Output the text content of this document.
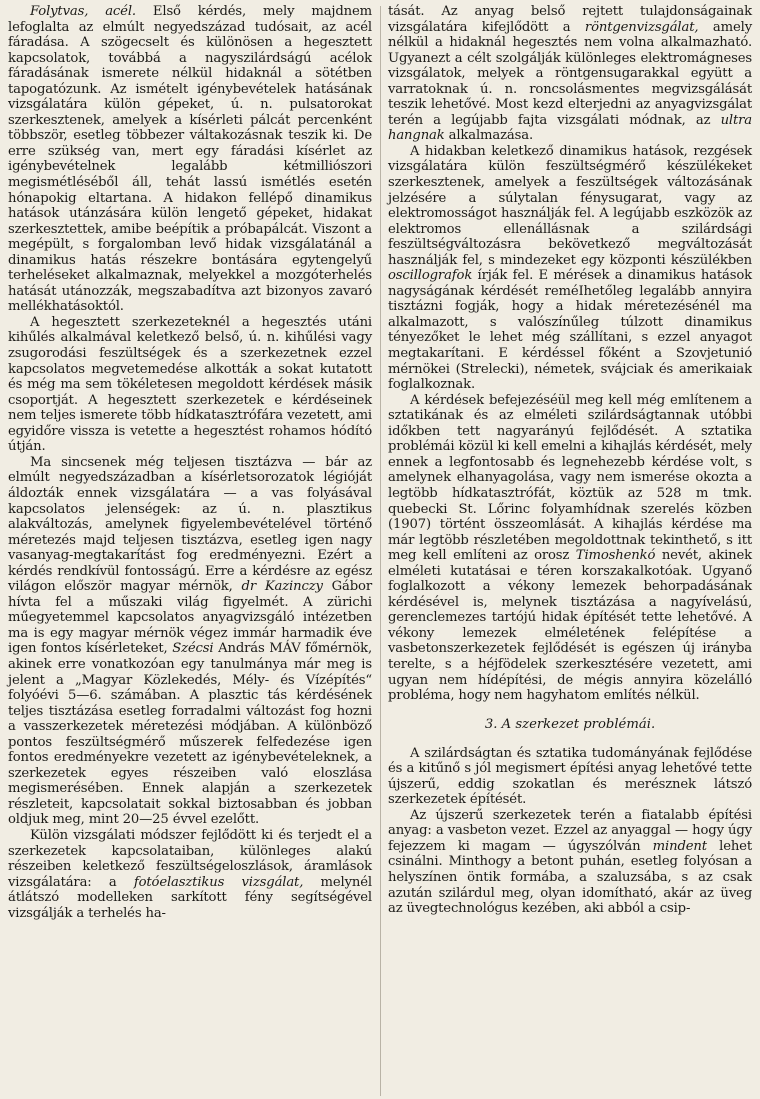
Folytvas, acél. Első kérdés, mely majdnem lefoglalta az elmúlt negyedszázad tudósait, az acél fáradása. A szögecselt és különösen a hegesztett kapcsolatok, továbbá a nagyszilárdságú acélok fáradásának ismerete nélkül hidaknál a sötétben tapogatózunk. Az ismételt igénybevételek hatásának vizsgálatára külön gépeket, ú. n. pulsatorokat szerkesztenek, amelyek a kísérleti pálcát percenként többször, esetleg többezer váltakozásnak teszik ki. De erre szükség van, mert egy fáradási kísérlet az igénybevételnek legalább kétmilliószori megismétléséből áll, tehát lassú ismétlés esetén hónapokig eltartana. A hidakon fellépő dinamikus hatások utánzására külön lengető gépeket, hidakat szerkesztettek, amibe beépítik a próbapálcát. Viszont a megépült, s forgalomban levő hidak vizsgálatánál a dinamikus hatás részekre bontására egytengelyű terheléseket alkalmaznak, melyekkel a mozgóterhelés hatását utánozzák, megszabadítva azt bizonyos zavaró mellékhatásoktól.

A hegesztett szerkezeteknél a hegesztés utáni kihűlés alkalmával keletkező belső, ú. n. kihűlési vagy zsugorodási feszültségek és a szerkezetnek ezzel kapcsolatos megvetemedése alkották a sokat kutatott és még ma sem tökéletesen megoldott kérdések másik csoportját. A hegesztett szerkezetek e kérdéseinek nem teljes ismerete több hídkatasztrófára vezetett, ami egyidőre vissza is vetette a hegesztést rohamos hódító útján.

Ma sincsenek még teljesen tisztázva — bár az elmúlt negyedszázadban a kísérletsorozatok légióját áldozták ennek vizsgálatára — a vas folyásával kapcsolatos jelenségek: az ú. n. plasztikus alakváltozás, amelynek figyelembevételével történő méretezés majd teljesen tisztázva, esetleg igen nagy vasanyag-megtakarítást fog eredményezni. Ezért a kérdés rendkívül fontosságú. Erre a kérdésre az egész világon először magyar mérnök, dr Kazinczy Gábor hívta fel a műszaki világ figyelmét. A zürichi műegyetemmel kapcsolatos anyagvizsgáló intézetben ma is egy magyar mérnök végez immár harmadik éve igen fontos kísérleteket, Szécsi András MÁV főmérnök, akinek erre vonatkozóan egy tanulmánya már meg is jelent a „Magyar Közlekedés, Mély- és Vízépítés“ folyóévi 5—6. számában. A plasztic tás kérdésének teljes tisztázása esetleg forradalmi változást fog hozni a vasszerkezetek méretezési módjában. A különböző pontos feszültségmérő műszerek felfedezése igen fontos eredményekre vezetett az igénybevételeknek, a szerkezetek egyes részeiben való eloszlása megismerésében. Ennek alapján a szerkezetek részleteit, kapcsolatait sokkal biztosabban és jobban oldjuk meg, mint 20—25 évvel ezelőtt.

Külön vizsgálati módszer fejlődött ki és terjedt el a szerkezetek kapcsolataiban, különleges alakú részeiben keletkező feszültségeloszlások, áramlások vizsgálatára: a fotóelasztikus vizsgálat, melynél átlátszó modelleken sarkított fény segítségével vizsgálják a terhelés ha-

tását. Az anyag belső rejtett tulajdonságainak vizsgálatára kifejlődött a röntgenvizsgálat, amely nélkül a hidaknál hegesztés nem volna alkalmazható. Ugyanezt a célt szolgálják különleges elektromágneses vizsgálatok, melyek a röntgensugarakkal együtt a varratoknak ú. n. roncsolásmentes megvizsgálását teszik lehetővé. Most kezd elterjedni az anyagvizsgálat terén a legújabb fajta vizsgálati módnak, az ultra hangnak alkalmazása.

A hidakban keletkező dinamikus hatások, rezgések vizsgálatára külön feszültségmérő készülékeket szerkesztenek, amelyek a feszültségek változásának jelzésére a súlytalan fénysugarat, vagy az elektromosságot használják fel. A legújabb eszközök az elektromos ellenállásnak a szilárdsági feszültségváltozásra bekövetkező megváltozását használják fel, s mindezeket egy központi készülékben oscillografok írják fel. E mérések a dinamikus hatások nagyságának kérdését reméIhetőleg legalább annyira tisztázni fogják, hogy a hidak méretezésénél ma alkalmazott, s valószínűleg túlzott dinamikus tényezőket le lehet még szállítani, s ezzel anyagot megtakarítani. E kérdéssel főként a Szovjetunió mérnökei (Strelecki), németek, svájciak és amerikaiak foglalkoznak.

A kérdések befejezéséül meg kell még említenem a sztatikának és az elméleti szilárdságtannak utóbbi időkben tett nagyarányú fejlődését. A sztatika problémái közül ki kell emelni a kihajlás kérdését, mely ennek a legfontosabb és legnehezebb kérdése volt, s amelynek elhanyagolása, vagy nem ismerése okozta a legtöbb hídkatasztrófát, köztük az 528 m tmk. quebecki St. Lőrinc folyamhídnak szerelés közben (1907) történt összeomlását. A kihajlás kérdése ma már legtöbb részletében megoldottnak tekinthető, s itt meg kell említeni az orosz Timoshenkó nevét, akinek elméleti kutatásai e téren korszakalkotóak. Ugyanő foglalkozott a vékony lemezek behorpadásának kérdésével is, melynek tisztázása a nagyívelású, gerenclemezes tartójú hidak építését tette lehetővé. A vékony lemezek elméletének felépítése a vasbetonszerkezetek fejlődését is egészen új irányba terelte, s a héjfödelek szerkesztésére vezetett, ami ugyan nem hídépítési, de mégis annyira közelálló probléma, hogy nem hagyhatom említés nélkül.

3. A szerkezet problémái.

A szilárdságtan és sztatika tudományának fejlődése és a kitűnő s jól megismert építési anyag lehetővé tette újszerű, eddig szokatlan és merésznek látszó szerkezetek építését.

Az újszerű szerkezetek terén a fiatalabb építési anyag: a vasbeton vezet. Ezzel az anyaggal — hogy úgy fejezzem ki magam — úgyszólván mindent lehet csinálni. Minthogy a betont puhán, esetleg folyósan a helyszínen öntik formába, a szaluzsába, s az csak azután szilárdul meg, olyan idomítható, akár az üveg az üvegtechnológus kezében, aki abból a csip-
